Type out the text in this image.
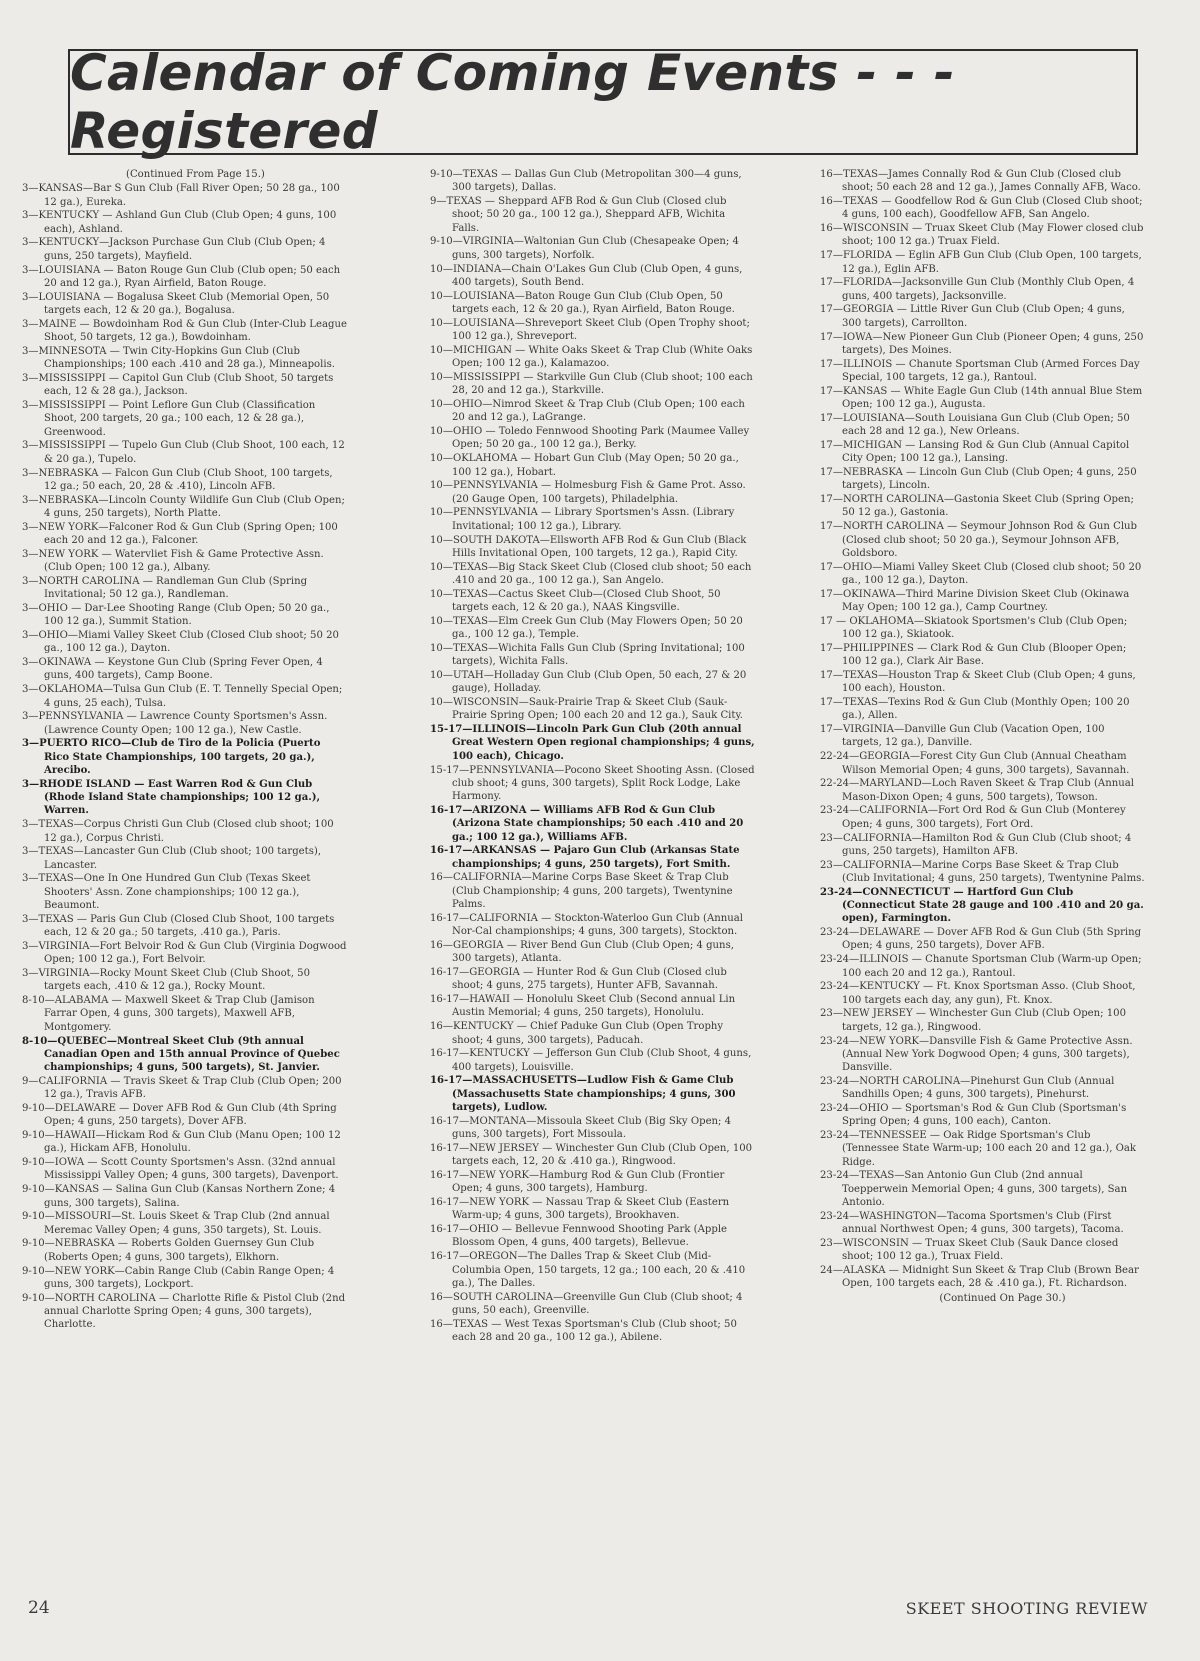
Calendar of Coming Events - - - Registered
(Continued From Page 15.)

3—KANSAS—Bar S Gun Club (Fall River Open; 50 28 ga., 100 12 ga.), Eureka.

3—KENTUCKY — Ashland Gun Club (Club Open; 4 guns, 100 each), Ashland.

3—KENTUCKY—Jackson Purchase Gun Club (Club Open; 4 guns, 250 targets), Mayfield.

3—LOUISIANA — Baton Rouge Gun Club (Club open; 50 each 20 and 12 ga.), Ryan Airfield, Baton Rouge.

3—LOUISIANA — Bogalusa Skeet Club (Memorial Open, 50 targets each, 12 & 20 ga.), Bogalusa.

3—MAINE — Bowdoinham Rod & Gun Club (Inter-Club League Shoot, 50 targets, 12 ga.), Bowdoinham.

3—MINNESOTA — Twin City-Hopkins Gun Club (Club Championships; 100 each .410 and 28 ga.), Minneapolis.

3—MISSISSIPPI — Capitol Gun Club (Club Shoot, 50 targets each, 12 & 28 ga.), Jackson.

3—MISSISSIPPI — Point Leflore Gun Club (Classification Shoot, 200 targets, 20 ga.; 100 each, 12 & 28 ga.), Greenwood.

3—MISSISSIPPI — Tupelo Gun Club (Club Shoot, 100 each, 12 & 20 ga.), Tupelo.

3—NEBRASKA — Falcon Gun Club (Club Shoot, 100 targets, 12 ga.; 50 each, 20, 28 & .410), Lincoln AFB.

3—NEBRASKA—Lincoln County Wildlife Gun Club (Club Open; 4 guns, 250 targets), North Platte.

3—NEW YORK—Falconer Rod & Gun Club (Spring Open; 100 each 20 and 12 ga.), Falconer.

3—NEW YORK — Watervliet Fish & Game Protective Assn. (Club Open; 100 12 ga.), Albany.

3—NORTH CAROLINA — Randleman Gun Club (Spring Invitational; 50 12 ga.), Randleman.

3—OHIO — Dar-Lee Shooting Range (Club Open; 50 20 ga., 100 12 ga.), Summit Station.

3—OHIO—Miami Valley Skeet Club (Closed Club shoot; 50 20 ga., 100 12 ga.), Dayton.

3—OKINAWA — Keystone Gun Club (Spring Fever Open, 4 guns, 400 targets), Camp Boone.

3—OKLAHOMA—Tulsa Gun Club (E. T. Tennelly Special Open; 4 guns, 25 each), Tulsa.

3—PENNSYLVANIA — Lawrence County Sportsmen's Assn. (Lawrence County Open; 100 12 ga.), New Castle.

3—PUERTO RICO—Club de Tiro de la Policia (Puerto Rico State Championships, 100 targets, 20 ga.), Arecibo.

3—RHODE ISLAND — East Warren Rod & Gun Club (Rhode Island State championships; 100 12 ga.), Warren.

3—TEXAS—Corpus Christi Gun Club (Closed club shoot; 100 12 ga.), Corpus Christi.

3—TEXAS—Lancaster Gun Club (Club shoot; 100 targets), Lancaster.

3—TEXAS—One In One Hundred Gun Club (Texas Skeet Shooters' Assn. Zone championships; 100 12 ga.), Beaumont.

3—TEXAS — Paris Gun Club (Closed Club Shoot, 100 targets each, 12 & 20 ga.; 50 targets, .410 ga.), Paris.

3—VIRGINIA—Fort Belvoir Rod & Gun Club (Virginia Dogwood Open; 100 12 ga.), Fort Belvoir.

3—VIRGINIA—Rocky Mount Skeet Club (Club Shoot, 50 targets each, .410 & 12 ga.), Rocky Mount.

8-10—ALABAMA — Maxwell Skeet & Trap Club (Jamison Farrar Open, 4 guns, 300 targets), Maxwell AFB, Montgomery.

8-10—QUEBEC—Montreal Skeet Club (9th annual Canadian Open and 15th annual Province of Quebec championships; 4 guns, 500 targets), St. Janvier.

9—CALIFORNIA — Travis Skeet & Trap Club (Club Open; 200 12 ga.), Travis AFB.

9-10—DELAWARE — Dover AFB Rod & Gun Club (4th Spring Open; 4 guns, 250 targets), Dover AFB.

9-10—HAWAII—Hickam Rod & Gun Club (Manu Open; 100 12 ga.), Hickam AFB, Honolulu.

9-10—IOWA — Scott County Sportsmen's Assn. (32nd annual Mississippi Valley Open; 4 guns, 300 targets), Davenport.

9-10—KANSAS — Salina Gun Club (Kansas Northern Zone; 4 guns, 300 targets), Salina.

9-10—MISSOURI—St. Louis Skeet & Trap Club (2nd annual Meremac Valley Open; 4 guns, 350 targets), St. Louis.

9-10—NEBRASKA — Roberts Golden Guernsey Gun Club (Roberts Open; 4 guns, 300 targets), Elkhorn.

9-10—NEW YORK—Cabin Range Club (Cabin Range Open; 4 guns, 300 targets), Lockport.

9-10—NORTH CAROLINA — Charlotte Rifle & Pistol Club (2nd annual Charlotte Spring Open; 4 guns, 300 targets), Charlotte.

9-10—TEXAS — Dallas Gun Club (Metropolitan 300—4 guns, 300 targets), Dallas.

9—TEXAS — Sheppard AFB Rod & Gun Club (Closed club shoot; 50 20 ga., 100 12 ga.), Sheppard AFB, Wichita Falls.

9-10—VIRGINIA—Waltonian Gun Club (Chesapeake Open; 4 guns, 300 targets), Norfolk.

10—INDIANA—Chain O'Lakes Gun Club (Club Open, 4 guns, 400 targets), South Bend.

10—LOUISIANA—Baton Rouge Gun Club (Club Open, 50 targets each, 12 & 20 ga.), Ryan Airfield, Baton Rouge.

10—LOUISIANA—Shreveport Skeet Club (Open Trophy shoot; 100 12 ga.), Shreveport.

10—MICHIGAN — White Oaks Skeet & Trap Club (White Oaks Open; 100 12 ga.), Kalamazoo.

10—MISSISSIPPI — Starkville Gun Club (Club shoot; 100 each 28, 20 and 12 ga.), Starkville.

10—OHIO—Nimrod Skeet & Trap Club (Club Open; 100 each 20 and 12 ga.), LaGrange.

10—OHIO — Toledo Fennwood Shooting Park (Maumee Valley Open; 50 20 ga., 100 12 ga.), Berky.

10—OKLAHOMA — Hobart Gun Club (May Open; 50 20 ga., 100 12 ga.), Hobart.

10—PENNSYLVANIA — Holmesburg Fish & Game Prot. Asso. (20 Gauge Open, 100 targets), Philadelphia.

10—PENNSYLVANIA — Library Sportsmen's Assn. (Library Invitational; 100 12 ga.), Library.

10—SOUTH DAKOTA—Ellsworth AFB Rod & Gun Club (Black Hills Invitational Open, 100 targets, 12 ga.), Rapid City.

10—TEXAS—Big Stack Skeet Club (Closed club shoot; 50 each .410 and 20 ga., 100 12 ga.), San Angelo.

10—TEXAS—Cactus Skeet Club—(Closed Club Shoot, 50 targets each, 12 & 20 ga.), NAAS Kingsville.

10—TEXAS—Elm Creek Gun Club (May Flowers Open; 50 20 ga., 100 12 ga.), Temple.

10—TEXAS—Wichita Falls Gun Club (Spring Invitational; 100 targets), Wichita Falls.

10—UTAH—Holladay Gun Club (Club Open, 50 each, 27 & 20 gauge), Holladay.

10—WISCONSIN—Sauk-Prairie Trap & Skeet Club (Sauk-Prairie Spring Open; 100 each 20 and 12 ga.), Sauk City.

15-17—ILLINOIS—Lincoln Park Gun Club (20th annual Great Western Open regional championships; 4 guns, 100 each), Chicago.

15-17—PENNSYLVANIA—Pocono Skeet Shooting Assn. (Closed club shoot; 4 guns, 300 targets), Split Rock Lodge, Lake Harmony.

16-17—ARIZONA — Williams AFB Rod & Gun Club (Arizona State championships; 50 each .410 and 20 ga.; 100 12 ga.), Williams AFB.

16-17—ARKANSAS — Pajaro Gun Club (Arkansas State championships; 4 guns, 250 targets), Fort Smith.

16—CALIFORNIA—Marine Corps Base Skeet & Trap Club (Club Championship; 4 guns, 200 targets), Twentynine Palms.

16-17—CALIFORNIA — Stockton-Waterloo Gun Club (Annual Nor-Cal championships; 4 guns, 300 targets), Stockton.

16—GEORGIA — River Bend Gun Club (Club Open; 4 guns, 300 targets), Atlanta.

16-17—GEORGIA — Hunter Rod & Gun Club (Closed club shoot; 4 guns, 275 targets), Hunter AFB, Savannah.

16-17—HAWAII — Honolulu Skeet Club (Second annual Lin Austin Memorial; 4 guns, 250 targets), Honolulu.

16—KENTUCKY — Chief Paduke Gun Club (Open Trophy shoot; 4 guns, 300 targets), Paducah.

16-17—KENTUCKY — Jefferson Gun Club (Club Shoot, 4 guns, 400 targets), Louisville.

16-17—MASSACHUSETTS—Ludlow Fish & Game Club (Massachusetts State championships; 4 guns, 300 targets), Ludlow.

16-17—MONTANA—Missoula Skeet Club (Big Sky Open; 4 guns, 300 targets), Fort Missoula.

16-17—NEW JERSEY — Winchester Gun Club (Club Open, 100 targets each, 12, 20 & .410 ga.), Ringwood.

16-17—NEW YORK—Hamburg Rod & Gun Club (Frontier Open; 4 guns, 300 targets), Hamburg.

16-17—NEW YORK — Nassau Trap & Skeet Club (Eastern Warm-up; 4 guns, 300 targets), Brookhaven.

16-17—OHIO — Bellevue Fennwood Shooting Park (Apple Blossom Open, 4 guns, 400 targets), Bellevue.

16-17—OREGON—The Dalles Trap & Skeet Club (Mid-Columbia Open, 150 targets, 12 ga.; 100 each, 20 & .410 ga.), The Dalles.

16—SOUTH CAROLINA—Greenville Gun Club (Club shoot; 4 guns, 50 each), Greenville.

16—TEXAS — West Texas Sportsman's Club (Club shoot; 50 each 28 and 20 ga., 100 12 ga.), Abilene.

16—TEXAS—James Connally Rod & Gun Club (Closed club shoot; 50 each 28 and 12 ga.), James Connally AFB, Waco.

16—TEXAS — Goodfellow Rod & Gun Club (Closed Club shoot; 4 guns, 100 each), Goodfellow AFB, San Angelo.

16—WISCONSIN — Truax Skeet Club (May Flower closed club shoot; 100 12 ga.) Truax Field.

17—FLORIDA — Eglin AFB Gun Club (Club Open, 100 targets, 12 ga.), Eglin AFB.

17—FLORIDA—Jacksonville Gun Club (Monthly Club Open, 4 guns, 400 targets), Jacksonville.

17—GEORGIA — Little River Gun Club (Club Open; 4 guns, 300 targets), Carrollton.

17—IOWA—New Pioneer Gun Club (Pioneer Open; 4 guns, 250 targets), Des Moines.

17—ILLINOIS — Chanute Sportsman Club (Armed Forces Day Special, 100 targets, 12 ga.), Rantoul.

17—KANSAS — White Eagle Gun Club (14th annual Blue Stem Open; 100 12 ga.), Augusta.

17—LOUISIANA—South Louisiana Gun Club (Club Open; 50 each 28 and 12 ga.), New Orleans.

17—MICHIGAN — Lansing Rod & Gun Club (Annual Capitol City Open; 100 12 ga.), Lansing.

17—NEBRASKA — Lincoln Gun Club (Club Open; 4 guns, 250 targets), Lincoln.

17—NORTH CAROLINA—Gastonia Skeet Club (Spring Open; 50 12 ga.), Gastonia.

17—NORTH CAROLINA — Seymour Johnson Rod & Gun Club (Closed club shoot; 50 20 ga.), Seymour Johnson AFB, Goldsboro.

17—OHIO—Miami Valley Skeet Club (Closed club shoot; 50 20 ga., 100 12 ga.), Dayton.

17—OKINAWA—Third Marine Division Skeet Club (Okinawa May Open; 100 12 ga.), Camp Courtney.

17 — OKLAHOMA—Skiatook Sportsmen's Club (Club Open; 100 12 ga.), Skiatook.

17—PHILIPPINES — Clark Rod & Gun Club (Blooper Open; 100 12 ga.), Clark Air Base.

17—TEXAS—Houston Trap & Skeet Club (Club Open; 4 guns, 100 each), Houston.

17—TEXAS—Texins Rod & Gun Club (Monthly Open; 100 20 ga.), Allen.

17—VIRGINIA—Danville Gun Club (Vacation Open, 100 targets, 12 ga.), Danville.

22-24—GEORGIA—Forest City Gun Club (Annual Cheatham Wilson Memorial Open; 4 guns, 300 targets), Savannah.

22-24—MARYLAND—Loch Raven Skeet & Trap Club (Annual Mason-Dixon Open; 4 guns, 500 targets), Towson.

23-24—CALIFORNIA—Fort Ord Rod & Gun Club (Monterey Open; 4 guns, 300 targets), Fort Ord.

23—CALIFORNIA—Hamilton Rod & Gun Club (Club shoot; 4 guns, 250 targets), Hamilton AFB.

23—CALIFORNIA—Marine Corps Base Skeet & Trap Club (Club Invitational; 4 guns, 250 targets), Twentynine Palms.

23-24—CONNECTICUT — Hartford Gun Club (Connecticut State 28 gauge and 100 .410 and 20 ga. open), Farmington.

23-24—DELAWARE — Dover AFB Rod & Gun Club (5th Spring Open; 4 guns, 250 targets), Dover AFB.

23-24—ILLINOIS — Chanute Sportsman Club (Warm-up Open; 100 each 20 and 12 ga.), Rantoul.

23-24—KENTUCKY — Ft. Knox Sportsman Asso. (Club Shoot, 100 targets each day, any gun), Ft. Knox.

23—NEW JERSEY — Winchester Gun Club (Club Open; 100 targets, 12 ga.), Ringwood.

23-24—NEW YORK—Dansville Fish & Game Protective Assn. (Annual New York Dogwood Open; 4 guns, 300 targets), Dansville.

23-24—NORTH CAROLINA—Pinehurst Gun Club (Annual Sandhills Open; 4 guns, 300 targets), Pinehurst.

23-24—OHIO — Sportsman's Rod & Gun Club (Sportsman's Spring Open; 4 guns, 100 each), Canton.

23-24—TENNESSEE — Oak Ridge Sportsman's Club (Tennessee State Warm-up; 100 each 20 and 12 ga.), Oak Ridge.

23-24—TEXAS—San Antonio Gun Club (2nd annual Toepperwein Memorial Open; 4 guns, 300 targets), San Antonio.

23-24—WASHINGTON—Tacoma Sportsmen's Club (First annual Northwest Open; 4 guns, 300 targets), Tacoma.

23—WISCONSIN — Truax Skeet Club (Sauk Dance closed shoot; 100 12 ga.), Truax Field.

24—ALASKA — Midnight Sun Skeet & Trap Club (Brown Bear Open, 100 targets each, 28 & .410 ga.), Ft. Richardson.

(Continued On Page 30.)
24	SKEET SHOOTING REVIEW
